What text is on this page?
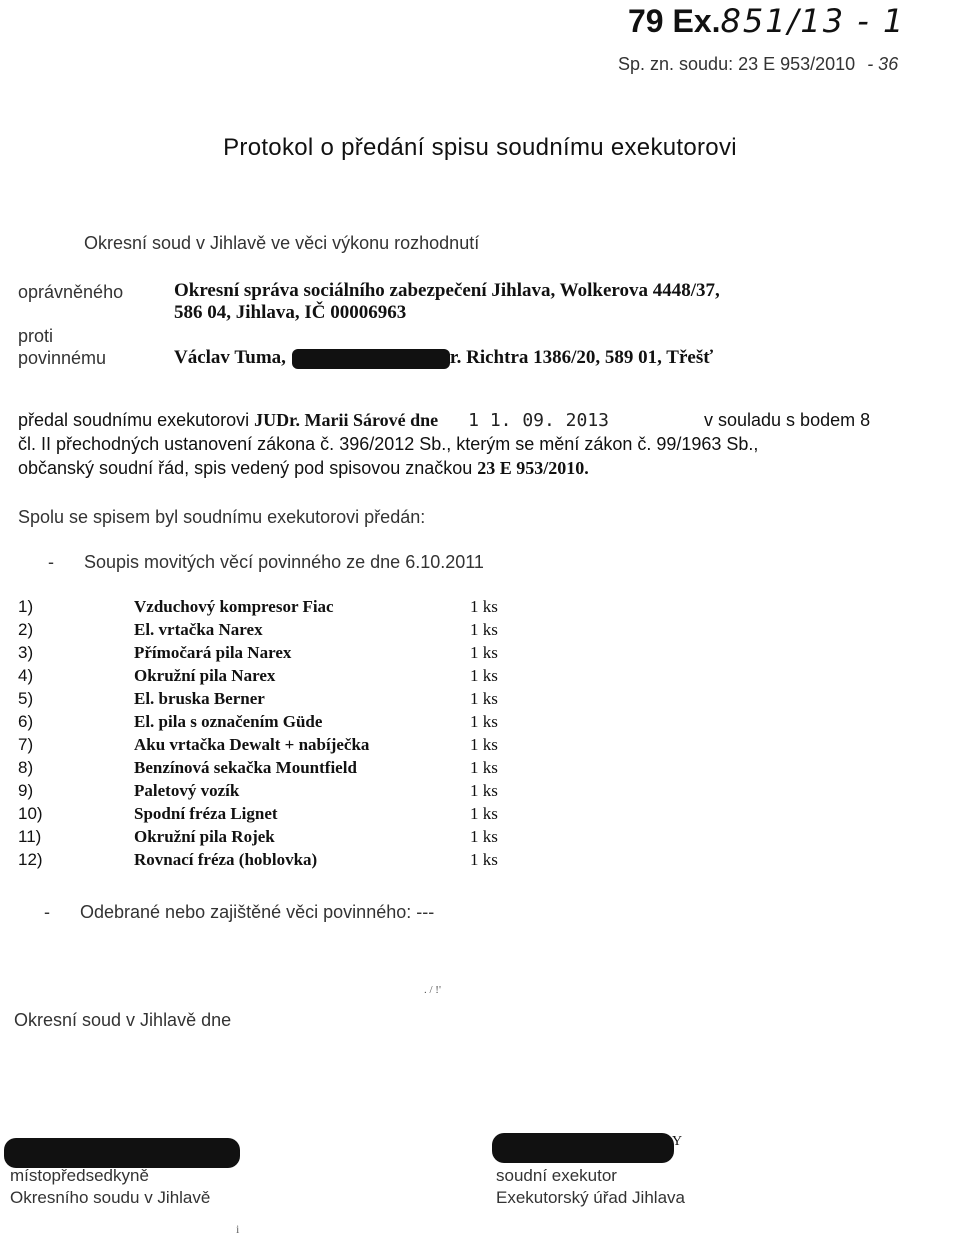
79 Ex.851/13 - 1
Sp. zn. soudu: 23 E 953/2010 - 36
Protokol o předání spisu soudnímu exekutorovi
Okresní soud v Jihlavě ve věci výkonu rozhodnutí
oprávněného	Okresní správa sociálního zabezpečení Jihlava, Wolkerova 4448/37,
586 04, Jihlava, IČ 00006963
proti
povinnému	Václav Tuma,	r. Richtra 1386/20, 589 01, Třešť
předal soudnímu exekutorovi JUDr. Marii Sárové dne 1 1. 09. 2013	v souladu s bodem 8
čl. II přechodných ustanovení zákona č. 396/2012 Sb., kterým se mění zákon č. 99/1963 Sb.,
občanský soudní řád, spis vedený pod spisovou značkou 23 E 953/2010.
Spolu se spisem byl soudnímu exekutorovi předán:
- Soupis movitých věcí povinného ze dne 6.10.2011
1)	Vzduchový kompresor Fiac	1 ks
2)	El. vrtačka Narex	1 ks
3)	Přímočará pila Narex	1 ks
4)	Okružní pila Narex	1 ks
5)	El. bruska Berner	1 ks
6)	El. pila s označením Güde	1 ks
7)	Aku vrtačka Dewalt + nabíječka	1 ks
8)	Benzínová sekačka Mountfield	1 ks
9)	Paletový vozík	1 ks
10)	Spodní fréza Lignet	1 ks
11)	Okružní pila Rojek	1 ks
12)	Rovnací fréza (hoblovka)	1 ks
- Odebrané nebo zajištěné věci povinného: ---
Okresní soud v Jihlavě dne
. / !'
Y
místopředsedkyně
Okresního soudu v Jihlavě
soudní exekutor
Exekutorský úřad Jihlava
i
